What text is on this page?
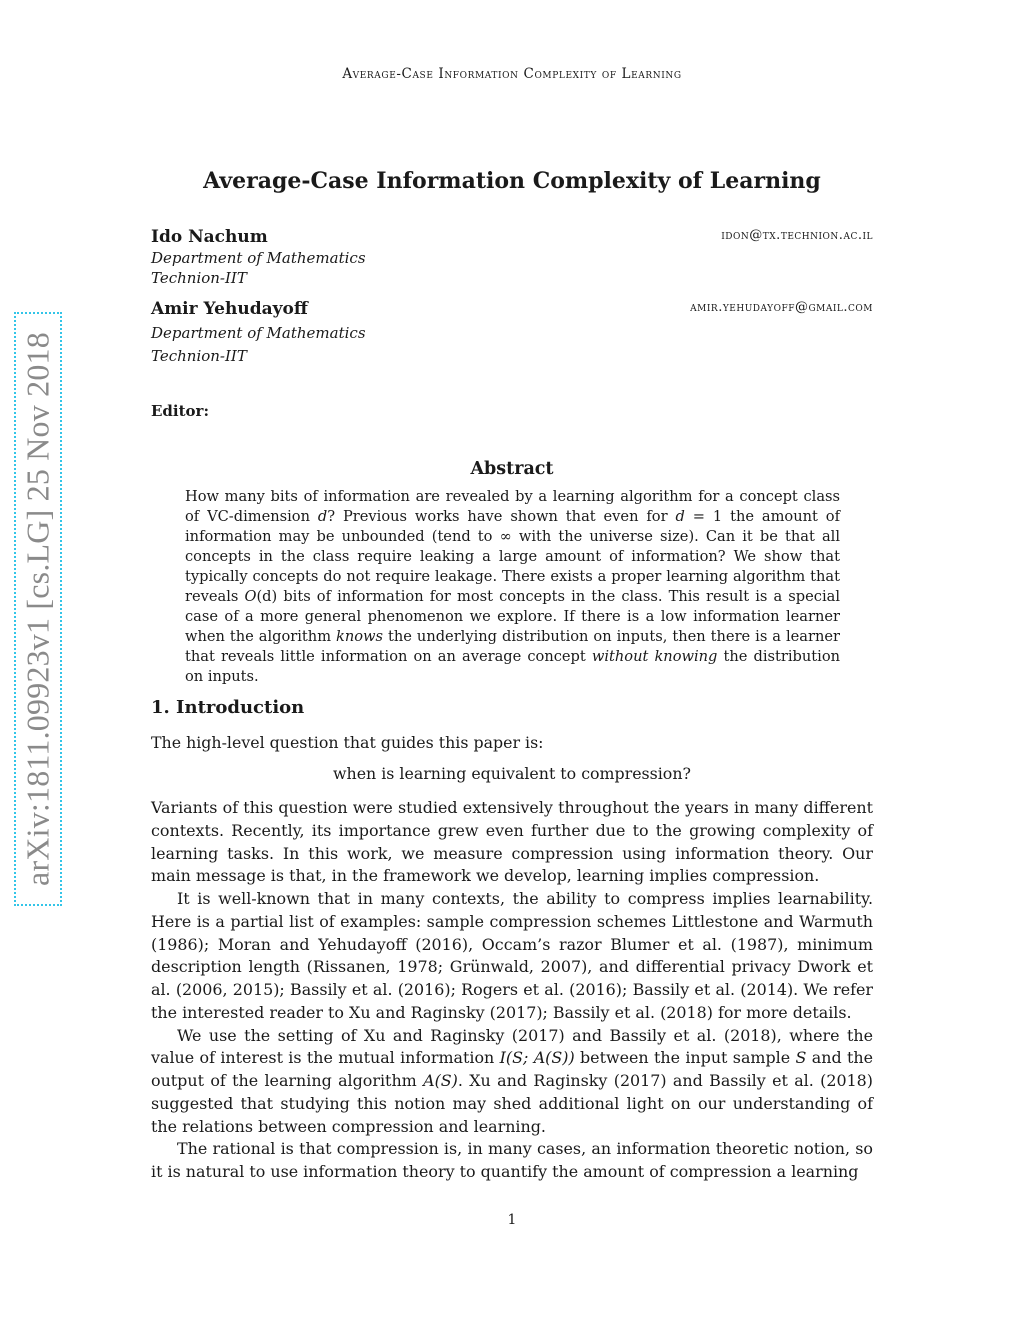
Average-Case Information Complexity of Learning
arXiv:1811.09923v1 [cs.LG] 25 Nov 2018
Average-Case Information Complexity of Learning
Ido Nachum	idon@tx.technion.ac.il
Department of Mathematics
Technion-IIT
Amir Yehudayoff	amir.yehudayoff@gmail.com
Department of Mathematics
Technion-IIT
Editor:
Abstract
How many bits of information are revealed by a learning algorithm for a concept class of VC-dimension d? Previous works have shown that even for d = 1 the amount of information may be unbounded (tend to ∞ with the universe size). Can it be that all concepts in the class require leaking a large amount of information? We show that typically concepts do not require leakage. There exists a proper learning algorithm that reveals O(d) bits of information for most concepts in the class. This result is a special case of a more general phenomenon we explore. If there is a low information learner when the algorithm knows the underlying distribution on inputs, then there is a learner that reveals little information on an average concept without knowing the distribution on inputs.
1. Introduction
The high-level question that guides this paper is:
when is learning equivalent to compression?

Variants of this question were studied extensively throughout the years in many different contexts. Recently, its importance grew even further due to the growing complexity of learning tasks. In this work, we measure compression using information theory. Our main message is that, in the framework we develop, learning implies compression.

It is well-known that in many contexts, the ability to compress implies learnability. Here is a partial list of examples: sample compression schemes Littlestone and Warmuth (1986); Moran and Yehudayoff (2016), Occam’s razor Blumer et al. (1987), minimum description length (Rissanen, 1978; Grünwald, 2007), and differential privacy Dwork et al. (2006, 2015); Bassily et al. (2016); Rogers et al. (2016); Bassily et al. (2014). We refer the interested reader to Xu and Raginsky (2017); Bassily et al. (2018) for more details.

We use the setting of Xu and Raginsky (2017) and Bassily et al. (2018), where the value of interest is the mutual information I(S; A(S)) between the input sample S and the output of the learning algorithm A(S). Xu and Raginsky (2017) and Bassily et al. (2018) suggested that studying this notion may shed additional light on our understanding of the relations between compression and learning.

The rational is that compression is, in many cases, an information theoretic notion, so it is natural to use information theory to quantify the amount of compression a learning

1
